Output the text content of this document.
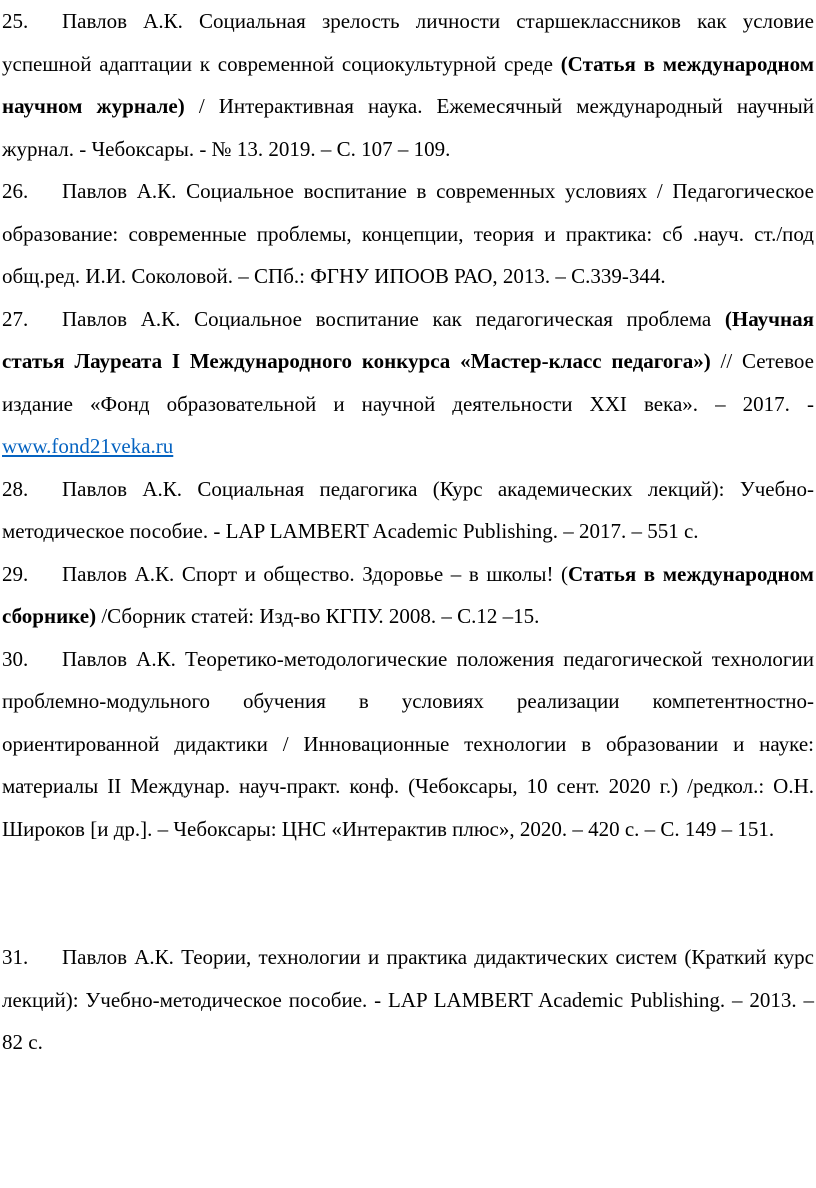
25. Павлов А.К. Социальная зрелость личности старшеклассников как условие успешной адаптации к современной социокультурной среде (Статья в международном научном журнале) / Интерактивная наука. Ежемесячный международный научный журнал. - Чебоксары. - № 13. 2019. – С. 107 – 109.

26. Павлов А.К. Социальное воспитание в современных условиях / Педагогическое образование: современные проблемы, концепции, теория и практика: сб .науч. ст./под общ.ред. И.И. Соколовой. – СПб.: ФГНУ ИПООВ РАО, 2013. – С.339-344.

27. Павлов А.К. Социальное воспитание как педагогическая проблема (Научная статья Лауреата I Международного конкурса «Мастер-класс педагога») // Сетевое издание «Фонд образовательной и научной деятельности XXI века». – 2017. - www.fond21veka.ru

28. Павлов А.К. Социальная педагогика (Курс академических лекций): Учебно-методическое пособие. - LAP LAMBERT Academic Publishing. – 2017. – 551 с.

29. Павлов А.К. Спорт и общество. Здоровье – в школы! (Статья в международном сборнике) /Сборник статей: Изд-во КГПУ. 2008. – С.12 –15.

30. Павлов А.К. Теоретико-методологические положения педагогической технологии проблемно-модульного обучения в условиях реализации компетентностно-ориентированной дидактики / Инновационные технологии в образовании и науке: материалы II Междунар. науч-практ. конф. (Чебоксары, 10 сент. 2020 г.) /редкол.: О.Н. Широков [и др.]. – Чебоксары: ЦНС «Интерактив плюс», 2020. – 420 с. – С. 149 – 151.

31. Павлов А.К. Теории, технологии и практика дидактических систем (Краткий курс лекций): Учебно-методическое пособие. - LAP LAMBERT Academic Publishing. – 2013. – 82 с.
